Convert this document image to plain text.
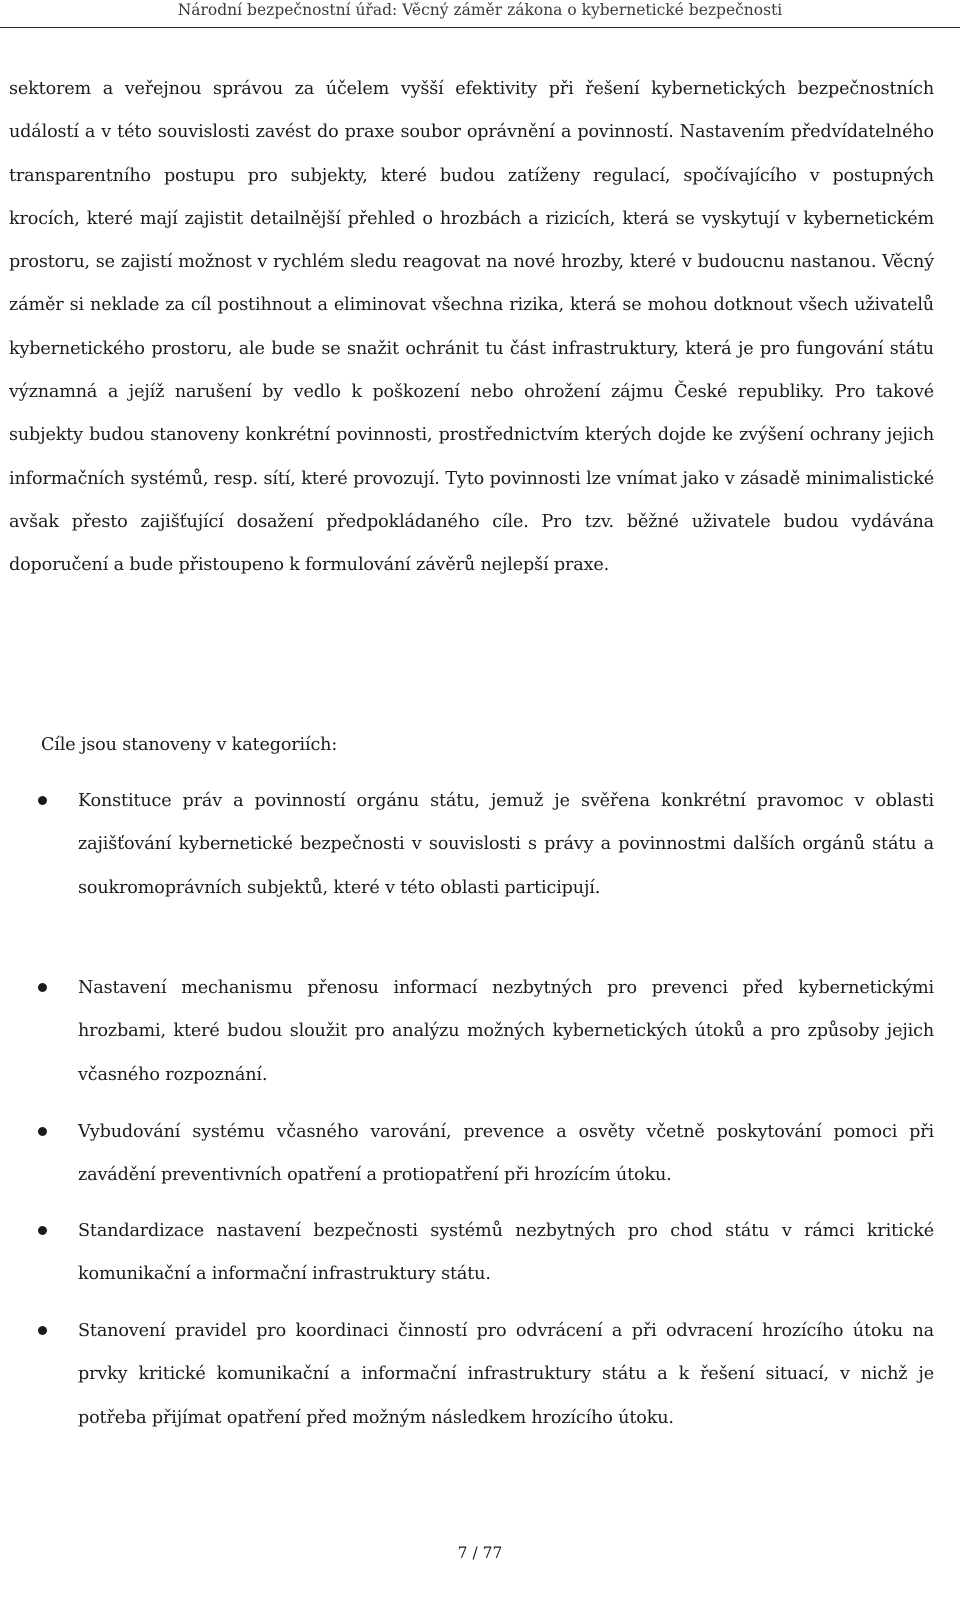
Národní bezpečnostní úřad: Věcný záměr zákona o kybernetické bezpečnosti

sektorem a veřejnou správou za účelem vyšší efektivity při řešení kybernetických bezpečnostních událostí a v této souvislosti zavést do praxe soubor oprávnění a povinností. Nastavením předvídatelného transparentního postupu pro subjekty, které budou zatíženy regulací, spočívajícího v postupných krocích, které mají zajistit detailnější přehled o hrozbách a rizicích, která se vyskytují v kybernetickém prostoru, se zajistí možnost v rychlém sledu reagovat na nové hrozby, které v budoucnu nastanou. Věcný záměr si neklade za cíl postihnout a eliminovat všechna rizika, která se mohou dotknout všech uživatelů kybernetického prostoru, ale bude se snažit ochránit tu část infrastruktury, která je pro fungování státu významná a jejíž narušení by vedlo k poškození nebo ohrožení zájmu České republiky. Pro takové subjekty budou stanoveny konkrétní povinnosti, prostřednictvím kterých dojde ke zvýšení ochrany jejich informačních systémů, resp. sítí, které provozují. Tyto povinnosti lze vnímat jako v zásadě minimalistické avšak přesto zajišťující dosažení předpokládaného cíle. Pro tzv. běžné uživatele budou vydávána doporučení a bude přistoupeno k formulování závěrů nejlepší praxe.

Cíle jsou stanoveny v kategoriích:

Konstituce práv a povinností orgánu státu, jemuž je svěřena konkrétní pravomoc v oblasti zajišťování kybernetické bezpečnosti v souvislosti s právy a povinnostmi dalších orgánů státu a soukromoprávních subjektů, které v této oblasti participují.
Nastavení mechanismu přenosu informací nezbytných pro prevenci před kybernetickými hrozbami, které budou sloužit pro analýzu možných kybernetických útoků a pro způsoby jejich včasného rozpoznání.
Vybudování systému včasného varování, prevence a osvěty včetně poskytování pomoci při zavádění preventivních opatření a protiopatření při hrozícím útoku.
Standardizace nastavení bezpečnosti systémů nezbytných pro chod státu v rámci kritické komunikační a informační infrastruktury státu.
Stanovení pravidel pro koordinaci činností pro odvrácení a při odvracení hrozícího útoku na prvky kritické komunikační a informační infrastruktury státu a k řešení situací, v nichž je potřeba přijímat opatření před možným následkem hrozícího útoku.
7 / 77
